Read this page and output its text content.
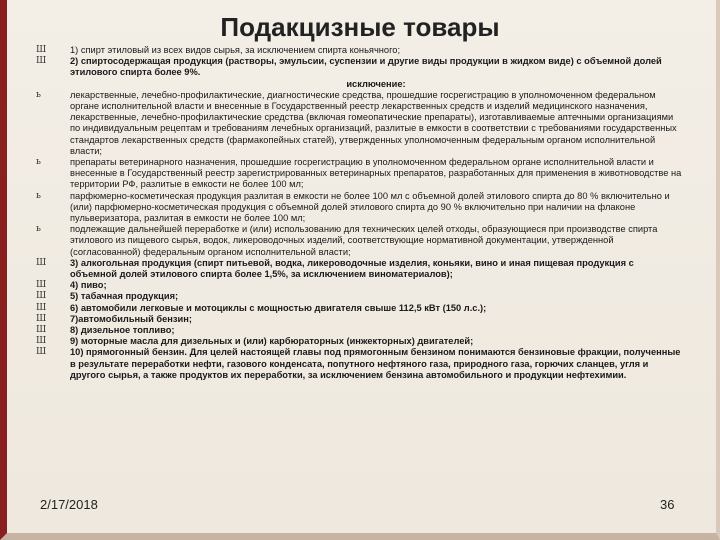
Подакцизные товары
Ш	1) спирт этиловый из всех видов сырья, за исключением спирта коньячного;
Ш	2) спиртосодержащая продукция (растворы, эмульсии, суспензии и другие виды продукции в жидком виде) с объемной долей этилового спирта более 9%.
исключение:
ь	лекарственные, лечебно-профилактические, диагностические средства, прошедшие госрегистрацию в уполномоченном федеральном органе исполнительной власти и внесенные в Государственный реестр лекарственных средств и изделий медицинского назначения, лекарственные, лечебно-профилактические средства (включая гомеопатические препараты), изготавливаемые аптечными организациями по индивидуальным рецептам и требованиям лечебных организаций, разлитые в емкости в соответствии с требованиями государственных стандартов лекарственных средств (фармакопейных статей), утвержденных уполномоченным федеральным органом исполнительной власти;
ь	препараты ветеринарного назначения, прошедшие госрегистрацию в уполномоченном федеральном органе исполнительной власти и внесенные в Государственный реестр зарегистрированных ветеринарных препаратов, разработанных для применения в животноводстве на территории РФ, разлитые в емкости не более 100 мл;
ь	парфюмерно-косметическая продукция разлитая в емкости не более 100 мл с объемной долей этилового спирта до 80 % включительно и (или) парфюмерно-косметическая продукция с объемной долей этилового спирта до 90 % включительно при наличии на флаконе пульверизатора, разлитая в емкости не более 100 мл;
ь	подлежащие дальнейшей переработке и (или) использованию для технических целей отходы, образующиеся при производстве спирта этилового из пищевого сырья, водок, ликероводочных изделий, соответствующие нормативной документации, утвержденной (согласованной) федеральным органом исполнительной власти;
Ш	3) алкогольная продукция (спирт питьевой, водка, ликероводочные изделия, коньяки, вино и иная пищевая продукция с объемной долей этилового спирта более 1,5%, за исключением виноматериалов);
Ш	4) пиво;
Ш	5) табачная продукция;
Ш	6) автомобили легковые и мотоциклы с мощностью двигателя свыше 112,5 кВт (150 л.с.);
Ш	7)автомобильный бензин;
Ш	8) дизельное топливо;
Ш	9) моторные масла для дизельных и (или) карбюраторных (инжекторных) двигателей;
Ш	10) прямогонный бензин. Для целей настоящей главы под прямогонным бензином понимаются бензиновые фракции, полученные в результате переработки нефти, газового конденсата, попутного нефтяного газа, природного газа, горючих сланцев, угля и другого сырья, а также продуктов их переработки, за исключением бензина автомобильного и продукции нефтехимии.
2/17/2018	36
